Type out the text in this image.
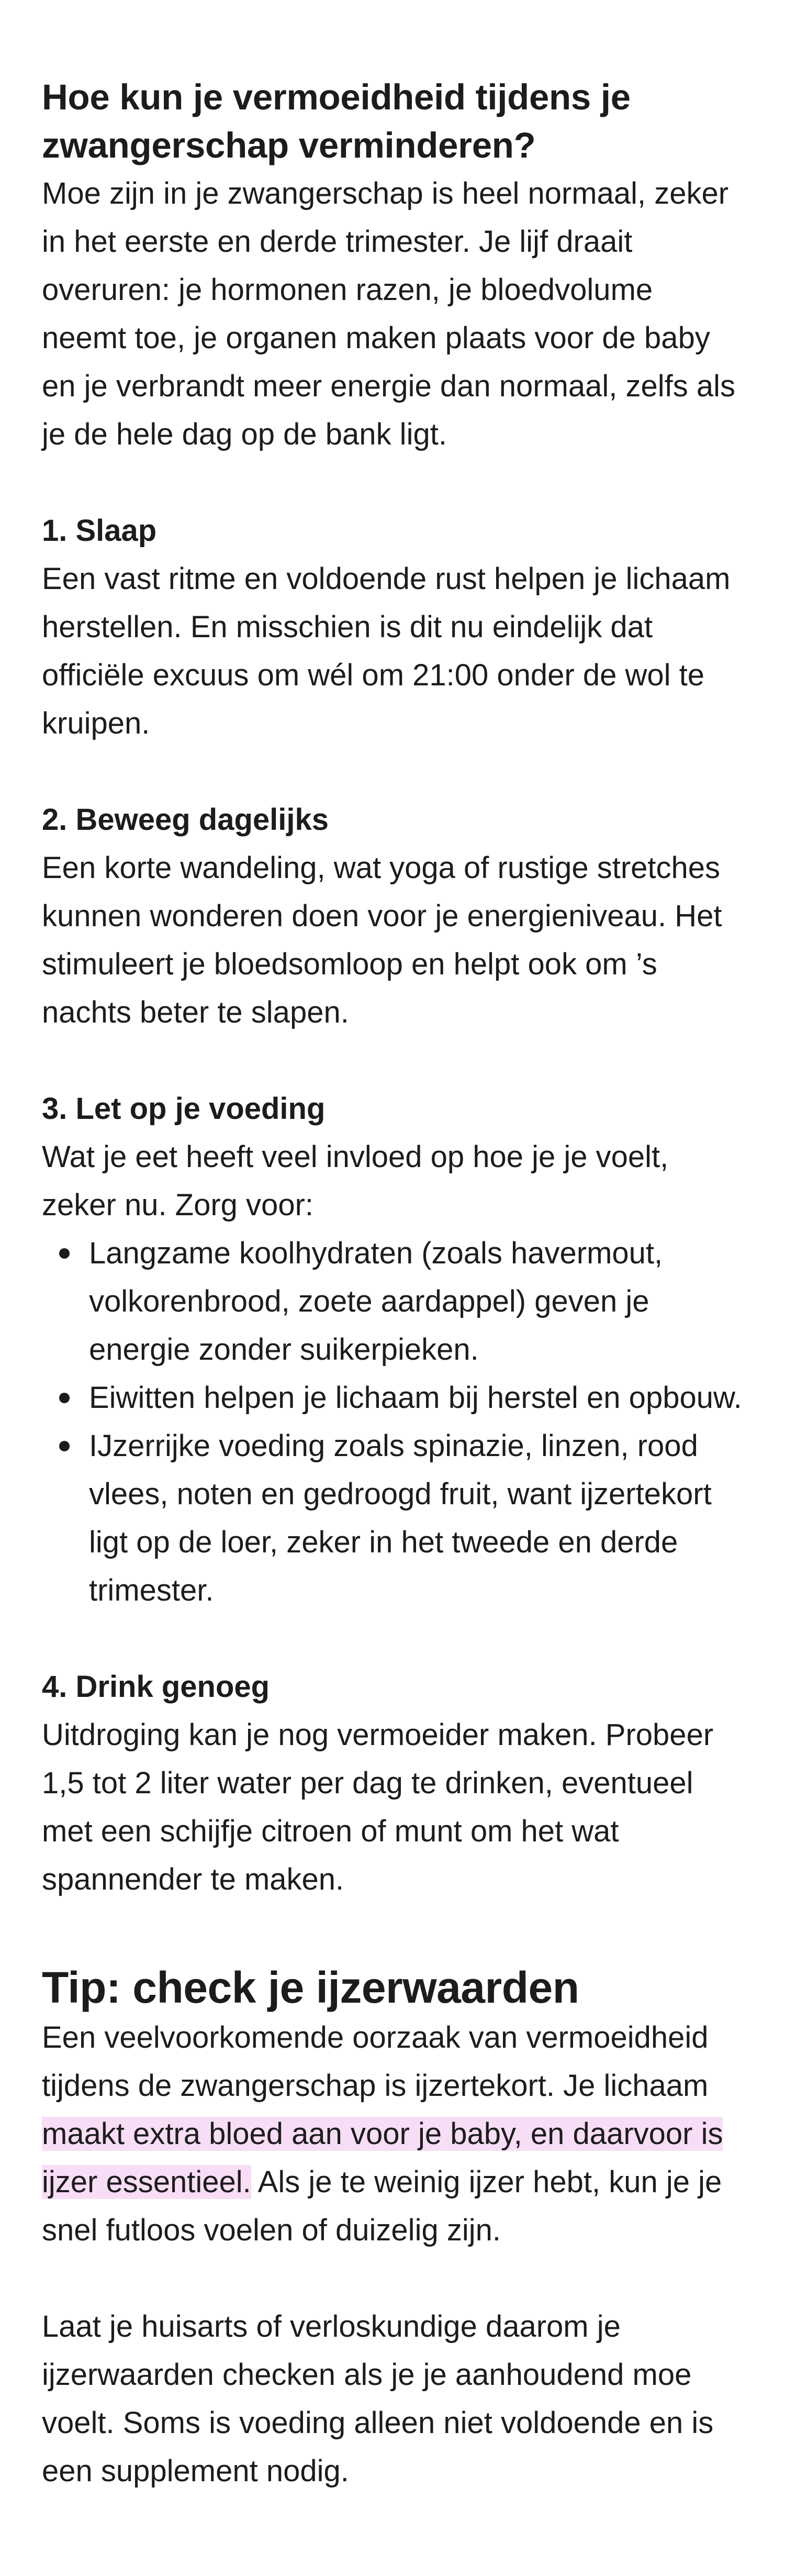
Hoe kun je vermoeidheid tijdens je zwangerschap verminderen?

Moe zijn in je zwangerschap is heel normaal, zeker in het eerste en derde trimester. Je lijf draait overuren: je hormonen razen, je bloedvolume neemt toe, je organen maken plaats voor de baby en je verbrandt meer energie dan normaal, zelfs als je de hele dag op de bank ligt.

1. Slaap

Een vast ritme en voldoende rust helpen je lichaam herstellen. En misschien is dit nu eindelijk dat officiële excuus om wél om 21:00 onder de wol te kruipen.

2. Beweeg dagelijks

Een korte wandeling, wat yoga of rustige stretches kunnen wonderen doen voor je energieniveau. Het stimuleert je bloedsomloop en helpt ook om ’s nachts beter te slapen.

3. Let op je voeding

Wat je eet heeft veel invloed op hoe je je voelt, zeker nu. Zorg voor:

Langzame koolhydraten (zoals havermout, volkorenbrood, zoete aardappel) geven je energie zonder suikerpieken.
Eiwitten helpen je lichaam bij herstel en opbouw.
IJzerrijke voeding zoals spinazie, linzen, rood vlees, noten en gedroogd fruit, want ijzertekort ligt op de loer, zeker in het tweede en derde trimester.
4. Drink genoeg

Uitdroging kan je nog vermoeider maken. Probeer 1,5 tot 2 liter water per dag te drinken, eventueel met een schijfje citroen of munt om het wat spannender te maken.

Tip: check je ijzerwaarden

Een veelvoorkomende oorzaak van vermoeidheid tijdens de zwangerschap is ijzertekort. Je lichaam maakt extra bloed aan voor je baby, en daarvoor is ijzer essentieel. Als je te weinig ijzer hebt, kun je je snel futloos voelen of duizelig zijn.

Laat je huisarts of verloskundige daarom je ijzerwaarden checken als je je aanhoudend moe voelt. Soms is voeding alleen niet voldoende en is een supplement nodig.
